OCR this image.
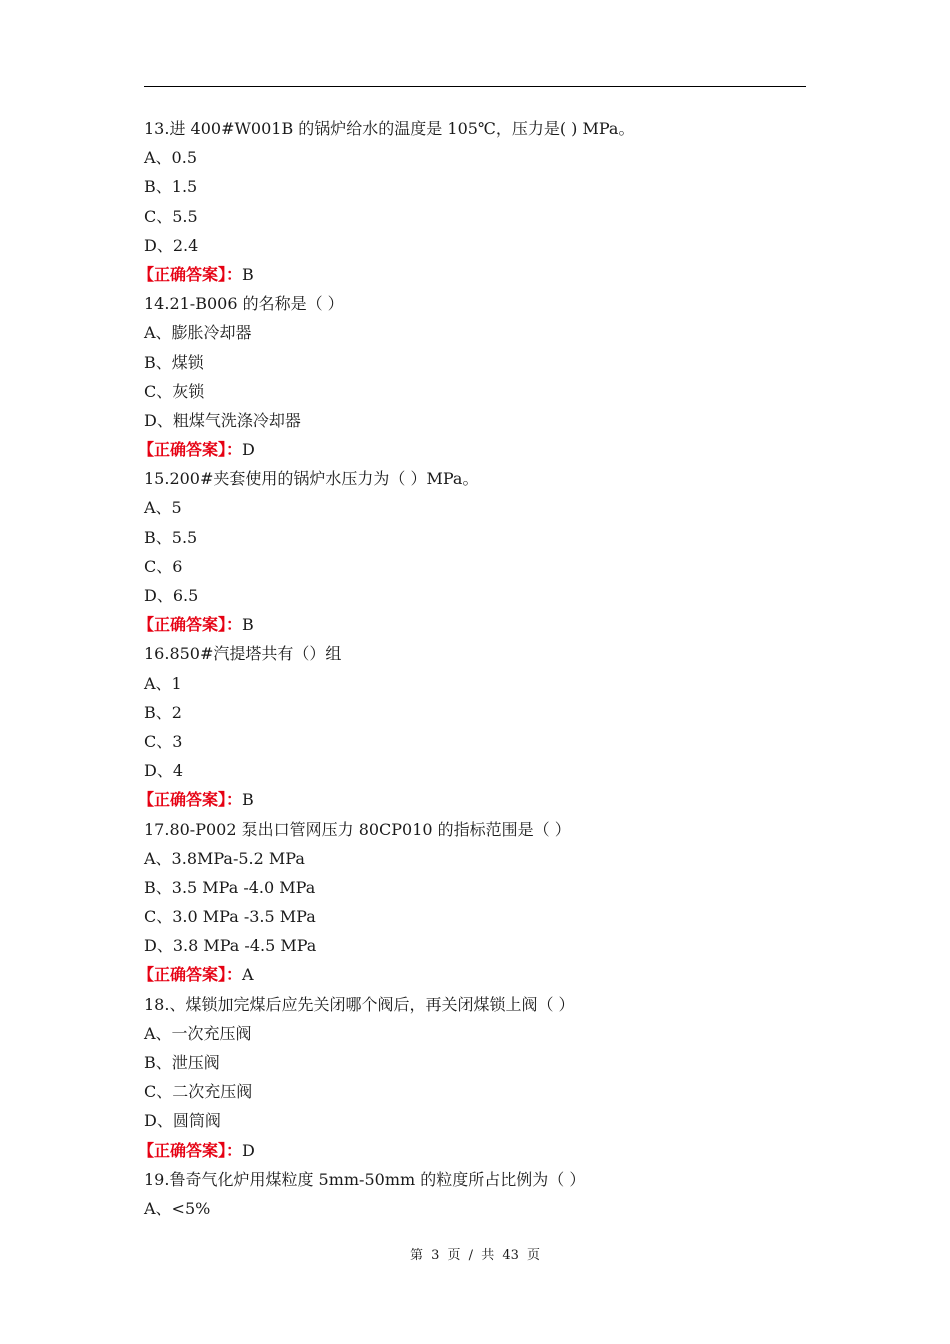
13.进 400#W001B 的锅炉给水的温度是 105℃，压力是( ) MPa。
A、0.5
B、1.5
C、5.5
D、2.4
【正确答案】：B
14.21-B006 的名称是（ ）
A、膨胀冷却器
B、煤锁
C、灰锁
D、粗煤气洗涤冷却器
【正确答案】：D
15.200#夹套使用的锅炉水压力为（ ）MPa。
A、5
B、5.5
C、6
D、6.5
【正确答案】：B
16.850#汽提塔共有（）组
A、1
B、2
C、3
D、4
【正确答案】：B
17.80-P002 泵出口管网压力 80CP010 的指标范围是（ ）
A、3.8MPa-5.2 MPa
B、3.5 MPa -4.0 MPa
C、3.0 MPa -3.5 MPa
D、3.8 MPa -4.5 MPa
【正确答案】：A
18.、煤锁加完煤后应先关闭哪个阀后，再关闭煤锁上阀（ ）
A、一次充压阀
B、泄压阀
C、二次充压阀
D、圆筒阀
【正确答案】：D
19.鲁奇气化炉用煤粒度 5mm-50mm 的粒度所占比例为（ ）
A、<5%
第 3 页 / 共 43 页
